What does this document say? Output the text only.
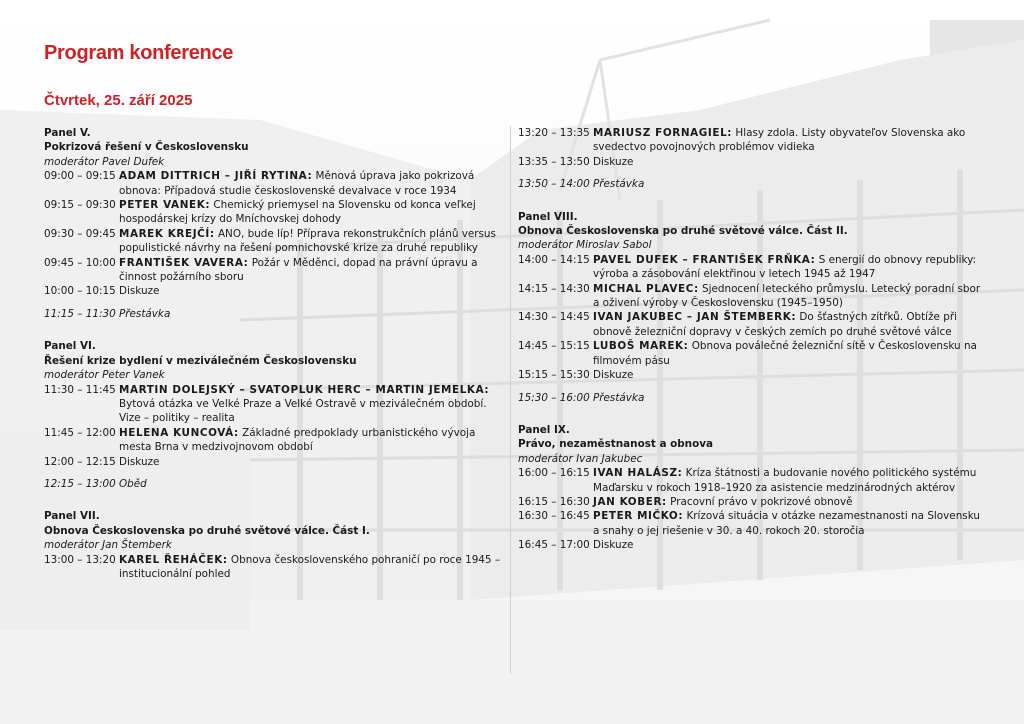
Program konference
Čtvrtek, 25. září 2025
Panel V.
Pokrizová řešení v Československu
moderátor Pavel Dufek
09:00 – 09:15 ADAM DITTRICH – JIŘÍ RYTINA: Měnová úprava jako pokrizová obnova: Případová studie československé devalvace v roce 1934
09:15 – 09:30 PETER VANEK: Chemický priemysel na Slovensku od konca veľkej hospodárskej krízy do Mníchovskej dohody
09:30 – 09:45 MAREK KREJČÍ: ANO, bude líp! Příprava rekonstrukčních plánů versus populistické návrhy na řešení pomnichovské krize za druhé republiky
09:45 – 10:00 FRANTIŠEK VAVERA: Požár v Měděnci, dopad na právní úpravu a činnost požárního sboru
10:00 – 10:15 Diskuze
11:15 – 11:30 Přestávka
Panel VI.
Řešení krize bydlení v meziválečném Československu
moderátor Peter Vanek
11:30 – 11:45 MARTIN DOLEJSKÝ – SVATOPLUK HERC – MARTIN JEMELKA: Bytová otázka ve Velké Praze a Velké Ostravě v meziválečném období. Vize – politiky – realita
11:45 – 12:00 HELENA KUNCOVÁ: Základné predpoklady urbanistického vývoja mesta Brna v medzivojnovom období
12:00 – 12:15 Diskuze
12:15 – 13:00 Oběd
Panel VII.
Obnova Československa po druhé světové válce. Část I.
moderátor Jan Štemberk
13:00 – 13:20 KAREL ŘEHÁČEK: Obnova československého pohraničí po roce 1945 – institucionální pohled
13:20 – 13:35 MARIUSZ FORNAGIEL: Hlasy zdola. Listy obyvateľov Slovenska ako svedectvo povojnových problémov vidieka
13:35 – 13:50 Diskuze
13:50 – 14:00 Přestávka
Panel VIII.
Obnova Československa po druhé světové válce. Část II.
moderátor Miroslav Sabol
14:00 – 14:15 PAVEL DUFEK – FRANTIŠEK FRŇKA: S energií do obnovy republiky: výroba a zásobování elektřinou v letech 1945 až 1947
14:15 – 14:30 MICHAL PLAVEC: Sjednocení leteckého průmyslu. Letecký poradní sbor a oživení výroby v Československu (1945–1950)
14:30 – 14:45 IVAN JAKUBEC – JAN ŠTEMBERK: Do šťastných zítřků. Obtíže při obnově železniční dopravy v českých zemích po druhé světové válce
14:45 – 15:15 LUBOŠ MAREK: Obnova poválečné železniční sítě v Československu na filmovém pásu
15:15 – 15:30 Diskuze
15:30 – 16:00 Přestávka
Panel IX.
Právo, nezaměstnanost a obnova
moderátor Ivan Jakubec
16:00 – 16:15 IVAN HALÁSZ: Kríza štátnosti a budovanie nového politického systému Maďarsku v rokoch 1918–1920 za asistencie medzinárodných aktérov
16:15 – 16:30 JAN KOBER: Pracovní právo v pokrizové obnově
16:30 – 16:45 PETER MIČKO: Krízová situácia v otázke nezamestnanosti na Slovensku a snahy o jej riešenie v 30. a 40. rokoch 20. storočia
16:45 – 17:00 Diskuze
